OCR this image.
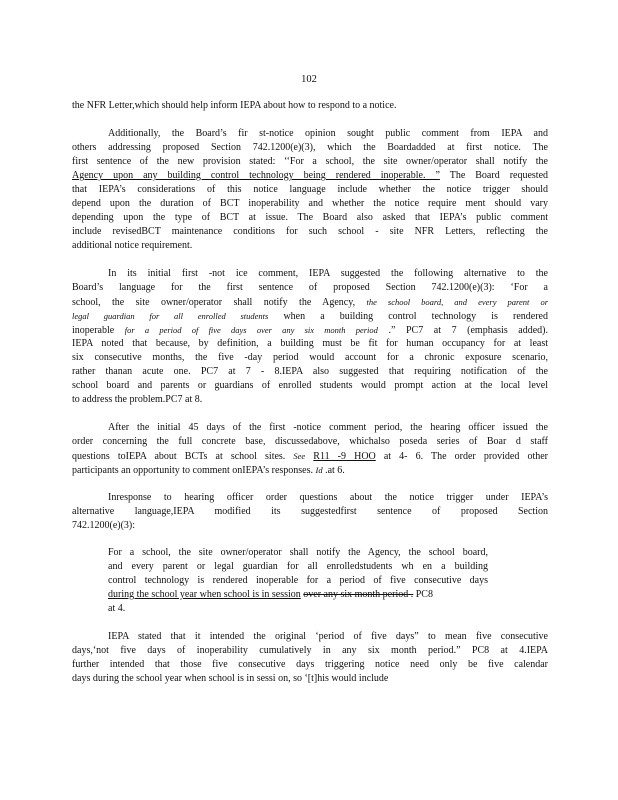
102
the NFR Letter,which should help inform IEPA about how to respond to a notice.
Additionally, the Board’s fir st-notice opinion sought public comment from IEPA and
others addressing proposed Section 742.1200(e)(3), which the Boardadded at first notice. The
first sentence of the new provision stated: ‘‘For a school, the site owner/operator shall notify the
Agency upon any building control technology being rendered inoperable. ” The Board requested
that IEPA’s considerations of this notice language include whether the notice trigger should
depend upon the duration of BCT inoperability and whether the notice require ment should vary
depending upon the type of BCT at issue. The Board also asked that IEPA’s public comment
include revisedBCT maintenance conditions for such school - site NFR Letters, reflecting the
additional notice requirement.
In its initial first -not ice comment, IEPA suggested the following alternative to the
Board’s language for the first sentence of proposed Section 742.1200(e)(3): ‘For a
school, the site owner/operator shall notify the Agency, the school board, and every parent or
legal guardian for all enrolled students when a building control technology is rendered
inoperable for a period of five days over any six month period .” PC7 at 7 (emphasis added).
IEPA noted that because, by definition, a building must be fit for human occupancy for at least
six consecutive months, the five -day period would account for a chronic exposure scenario,
rather thanan acute one. PC7 at 7 - 8.IEPA also suggested that requiring notification of the
school board and parents or guardians of enrolled students would prompt action at the local level
to address the problem.PC7 at 8.
After the initial 45 days of the first -notice comment period, the hearing officer issued the
order concerning the full concrete base, discussedabove, whichalso poseda series of Boar d staff
questions toIEPA about BCTs at school sites. See R11 -9 HOO at 4- 6. The order provided other
participants an opportunity to comment onIEPA’s responses. Id .at 6.
Inresponse to hearing officer order questions about the notice trigger under IEPA’s
alternative language,IEPA modified its suggestedfirst sentence of proposed Section
742.1200(e)(3):
For a school, the site owner/operator shall notify the Agency, the school board,
and every parent or legal guardian for all enrolledstudents wh en a building
control technology is rendered inoperable for a period of five consecutive days
during the school year when school is in session over any six month period . PC8
at 4.
IEPA stated that it intended the original ‘period of five days” to mean five consecutive
days,‘not five days of inoperability cumulatively in any six month period.” PC8 at 4.IEPA
further intended that those five consecutive days triggering notice need only be five calendar
days during the school year when school is in sessi on, so ‘[t]his would include
